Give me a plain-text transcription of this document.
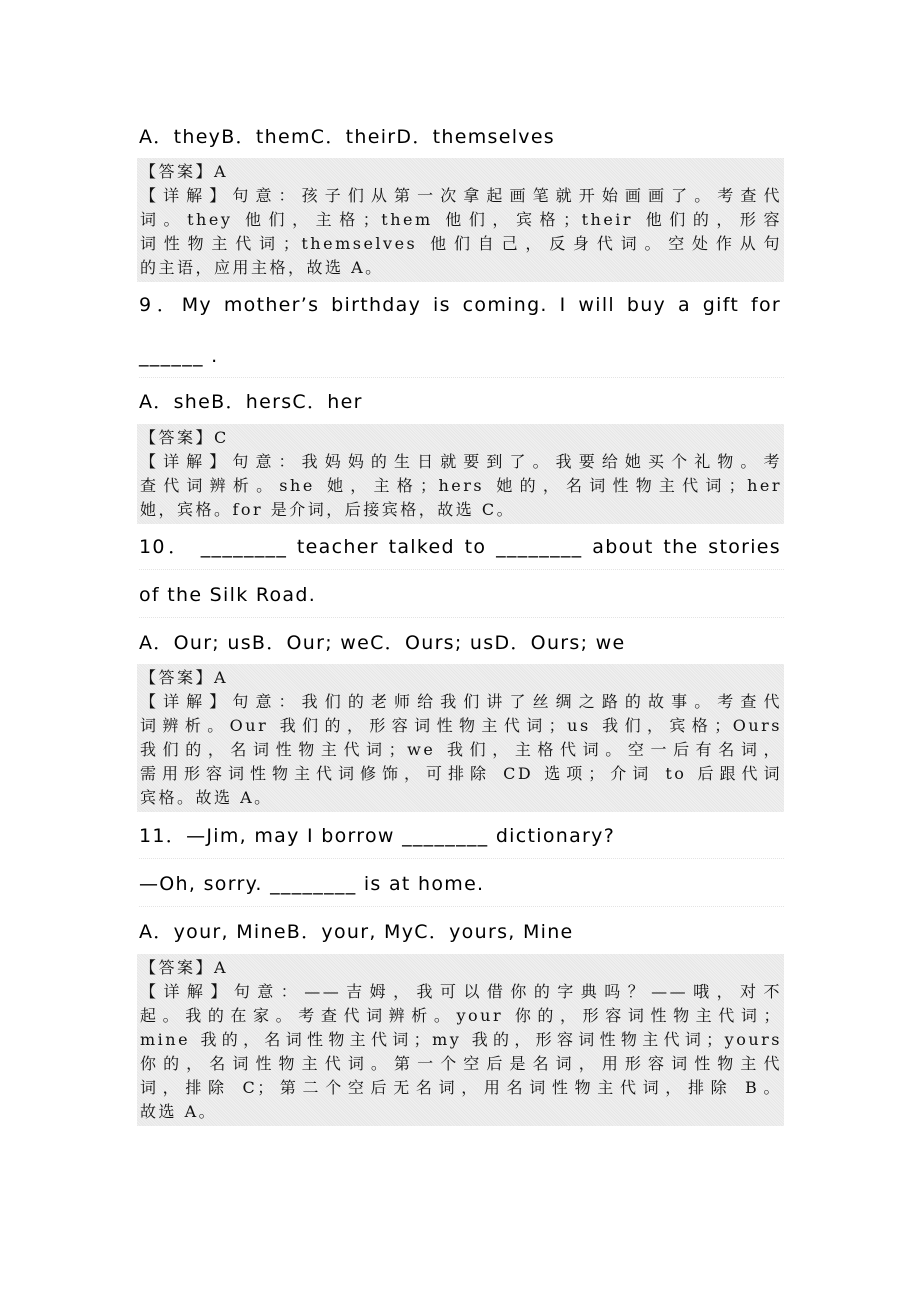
A．theyB．themC．theirD．themselves
【答案】A
【详解】句意：孩子们从第一次拿起画笔就开始画画了。考查代
词。they 他们，主格；them 他们，宾格；their 他们的，形容
词性物主代词；themselves 他们自己，反身代词。空处作从句
的主语，应用主格，故选 A。
9．My mother’s birthday is coming. I will buy a gift for
______ .
A．sheB．hersC．her
【答案】C
【详解】句意：我妈妈的生日就要到了。我要给她买个礼物。考
查代词辨析。she 她，主格；hers 她的，名词性物主代词；her
她，宾格。for 是介词，后接宾格，故选 C。
10． ________ teacher talked to ________ about the stories
of the Silk Road.
A．Our; usB．Our; weC．Ours; usD．Ours; we
【答案】A
【详解】句意：我们的老师给我们讲了丝绸之路的故事。考查代
词辨析。Our 我们的，形容词性物主代词；us 我们，宾格；Ours
我们的，名词性物主代词；we 我们，主格代词。空一后有名词，
需用形容词性物主代词修饰，可排除 CD 选项；介词 to 后跟代词
宾格。故选 A。
11．—Jim, may I borrow ________ dictionary?
—Oh, sorry. ________ is at home.
A．your, MineB．your, MyC．yours, Mine
【答案】A
【详解】句意：——吉姆，我可以借你的字典吗？——哦，对不
起。我的在家。考查代词辨析。your 你的，形容词性物主代词；
mine 我的，名词性物主代词；my 我的，形容词性物主代词；yours
你的，名词性物主代词。第一个空后是名词，用形容词性物主代
词，排除 C；第二个空后无名词，用名词性物主代词，排除 B。
故选 A。
